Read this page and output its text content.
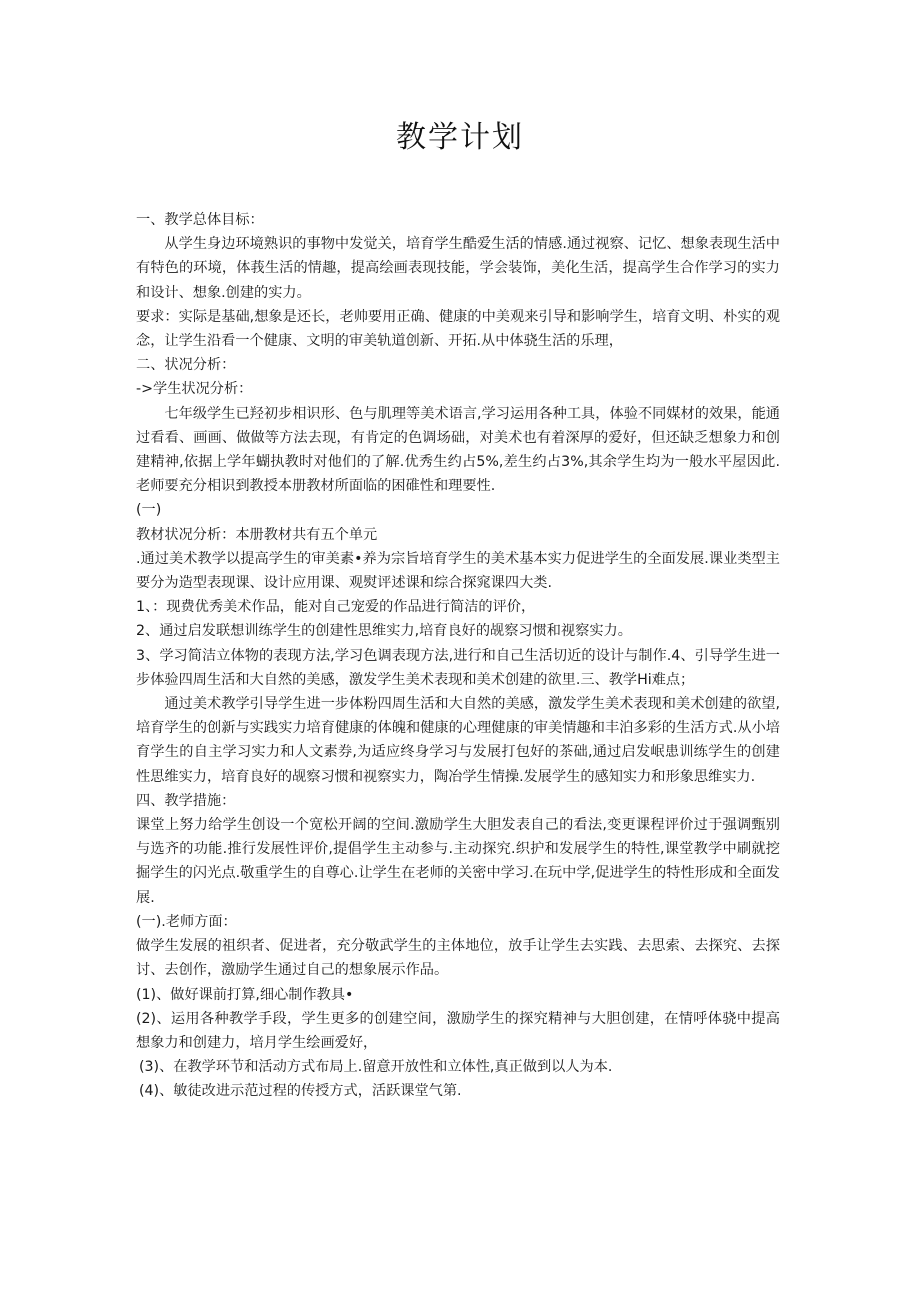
教学计划

一、教学总体目标：

从学生身边环境熟识的事物中发觉关，培育学生酷爱生活的情感.通过视察、记忆、想象表现生活中有特色的环境，体莪生活的情趣，提高绘画表现技能，学会装饰，美化生活，提高学生合作学习的实力和设计、想象.创建的实力。

要求：实际是基础,想象是还长，老帅要用正确、健康的中美观来引导和影响学生，培育文明、朴实的观念，让学生沿看一个健康、文明的审美轨道创新、开拓.从中体骁生活的乐理，

二、状况分析：

->学生状况分析：

七年级学生已羟初步相识形、色与肌理等美术语言,学习运用各种工具，体验不同媒材的效果，能通过看看、画画、做做等方法去现，有肯定的色调场础，对美术也有着深厚的爱好，但还缺乏想象力和创建精神,依据上学年蝴执教时对他们的了解.优秀生约占5%,差生约占3%,其余学生均为一般水平屋因此.老师要充分相识到教授本册教材所面临的困碓性和理要性.

(一)

教材状况分析：本册教材共有五个单元

.通过美术教学以提高学生的审美素•养为宗旨培育学生的美术基本实力促进学生的全面发展.课业类型主要分为造型表现课、设计应用课、观熨评述课和综合探窕课四大类.

1、：现费优秀美术作品，能对自己宠爱的作品进行简洁的评价，

2、通过启发联想训练学生的创建性思维实力,培育良好的觇察习惯和视察实力。

3、学习简洁立体物的表现方法,学习色调表现方法,进行和自己生活切近的设计与制作.4、引导学生进一步体验四周生活和大自然的美感，激发学生美术表现和美术创建的欲里.三、教学Hi难点；

通过美术教学引导学生进一步体粉四周生活和大自然的美感，激发学生美术表现和美术创建的欲望,培育学生的创新与实践实力培育健康的体魄和健康的心理健康的审美情趣和丰泊多彩的生活方式.从小培育学生的自主学习实力和人文素券,为适应终身学习与发展打包好的茶础,通过启发岷患训练学生的创建性思维实力，培育良好的觇察习惯和视察实力，陶冶学生情操.发展学生的感知实力和形象思维实力.

四、教学措施：

课堂上努力给学生创设一个宽松开阔的空间.激励学生大胆发表自己的看法,变更课程评价过于强调甄别与选齐的功能.推行发展性评价,提倡学生主动参与.主动探究.织护和发展学生的特性,课堂教学中刷就挖掘学生的闪光点.敬重学生的自尊心.让学生在老师的关密中学习.在玩中学,促进学生的特性形成和全面发展.

(一).老师方面：

做学生发展的祖织者、促进者，充分敬武学生的主体地位，放手让学生去实践、去思索、去探究、去探讨、去创作，激励学生通过自己的想象展示作品。

(1)、做好课前打算,细心制作教具•

(2)、运用各种教学手段，学生更多的创建空间，激励学生的探究精神与大胆创建，在情呼体骁中提高想象力和创建力，培月学生绘画爱好，

(3)、在教学环节和活动方式布局上.留意开放性和立体性,真正做到以人为本.

(4)、敏徒改进示范过程的传授方式，活跃课堂气第.
